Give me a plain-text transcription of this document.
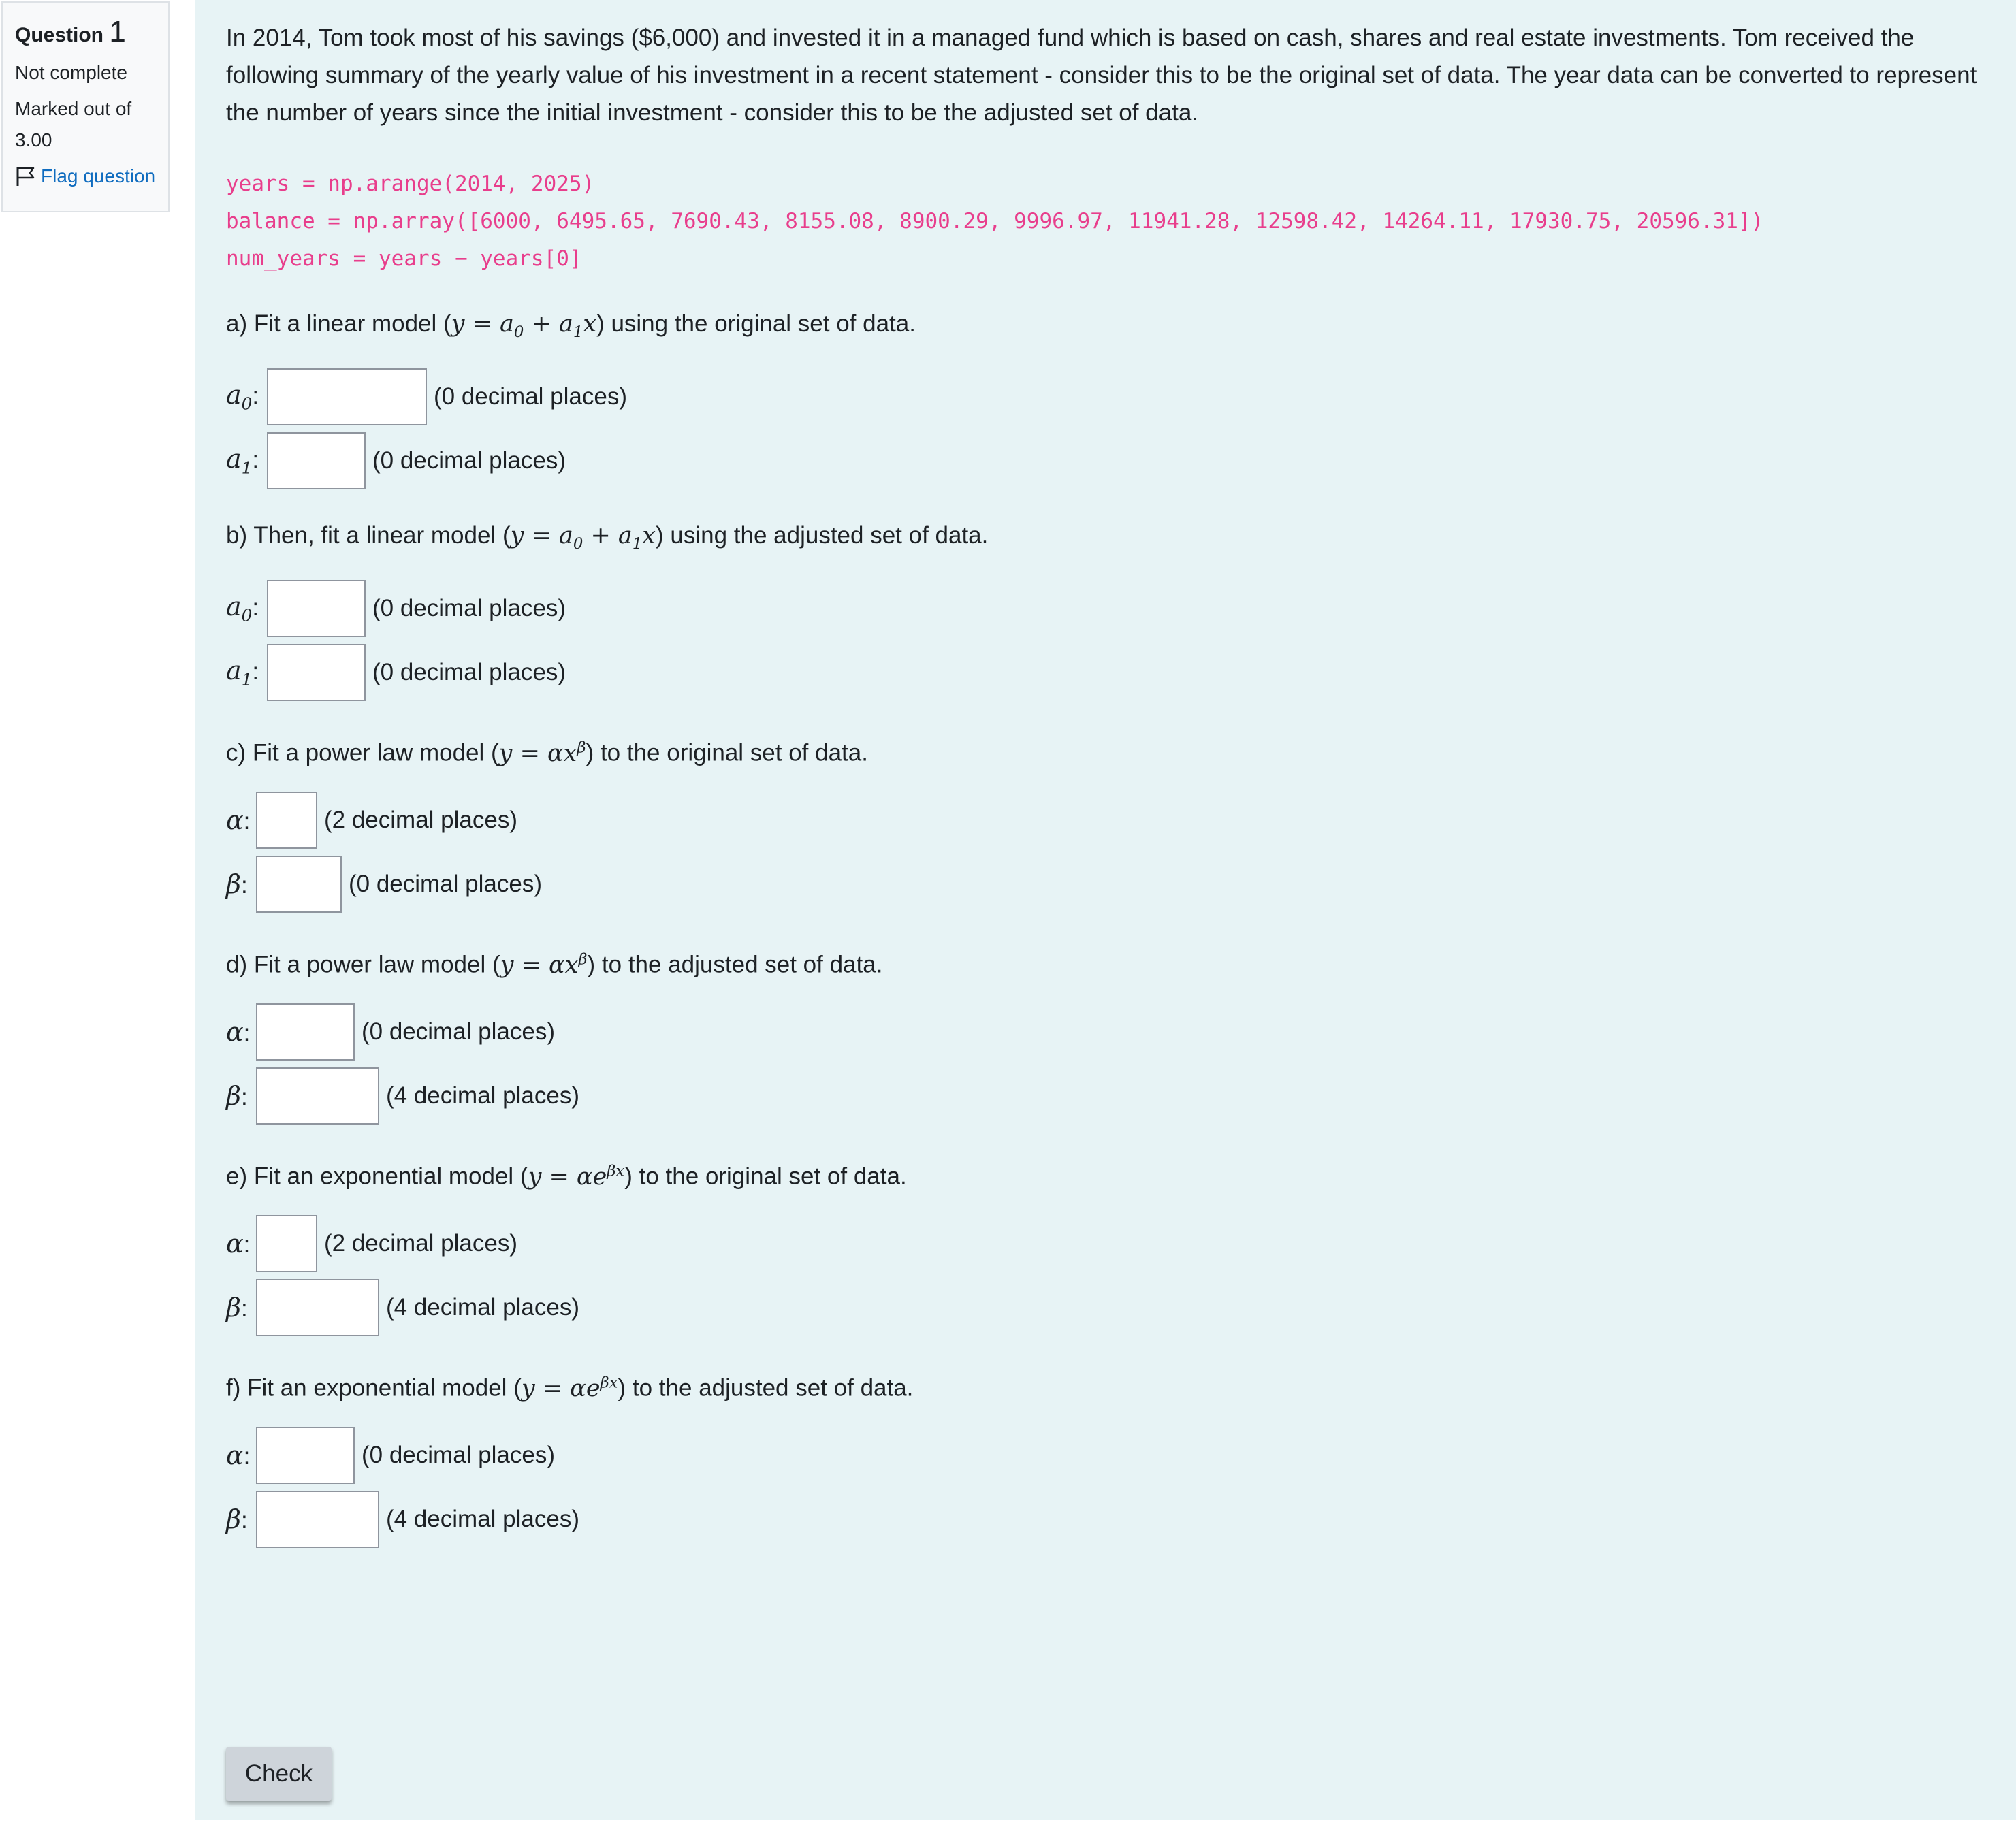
Question 1
Not complete
Marked out of
3.00
Flag question

In 2014, Tom took most of his savings ($6,000) and invested it in a managed fund which is based on cash, shares and real estate investments. Tom received the following summary of the yearly value of his investment in a recent statement - consider this to be the original set of data. The year data can be converted to represent the number of years since the initial investment - consider this to be the adjusted set of data.

years = np.arange(2014, 2025)
balance = np.array([6000, 6495.65, 7690.43, 8155.08, 8900.29, 9996.97, 11941.28, 12598.42, 14264.11, 17930.75, 20596.31])
num_years = years − years[0]
a) Fit a linear model $(y = a_0 + a_1x)$ using the original set of data.
$a_0$:	(0 decimal places)
$a_1$:	(0 decimal places)
b) Then, fit a linear model $(y = a_0 + a_1x)$ using the adjusted set of data.
$a_0$:	(0 decimal places)
$a_1$:	(0 decimal places)
c) Fit a power law model $(y = \alpha x^\beta)$ to the original set of data.
α:	(2 decimal places)
β:	(0 decimal places)
d) Fit a power law model $(y = \alpha x^\beta)$ to the adjusted set of data.
α:	(0 decimal places)
β:	(4 decimal places)
e) Fit an exponential model $(y = \alpha e^{\beta x})$ to the original set of data.
α:	(2 decimal places)
β:	(4 decimal places)
f) Fit an exponential model $(y = \alpha e^{\beta x})$ to the adjusted set of data.
α:	(0 decimal places)
β:	(4 decimal places)
Check
